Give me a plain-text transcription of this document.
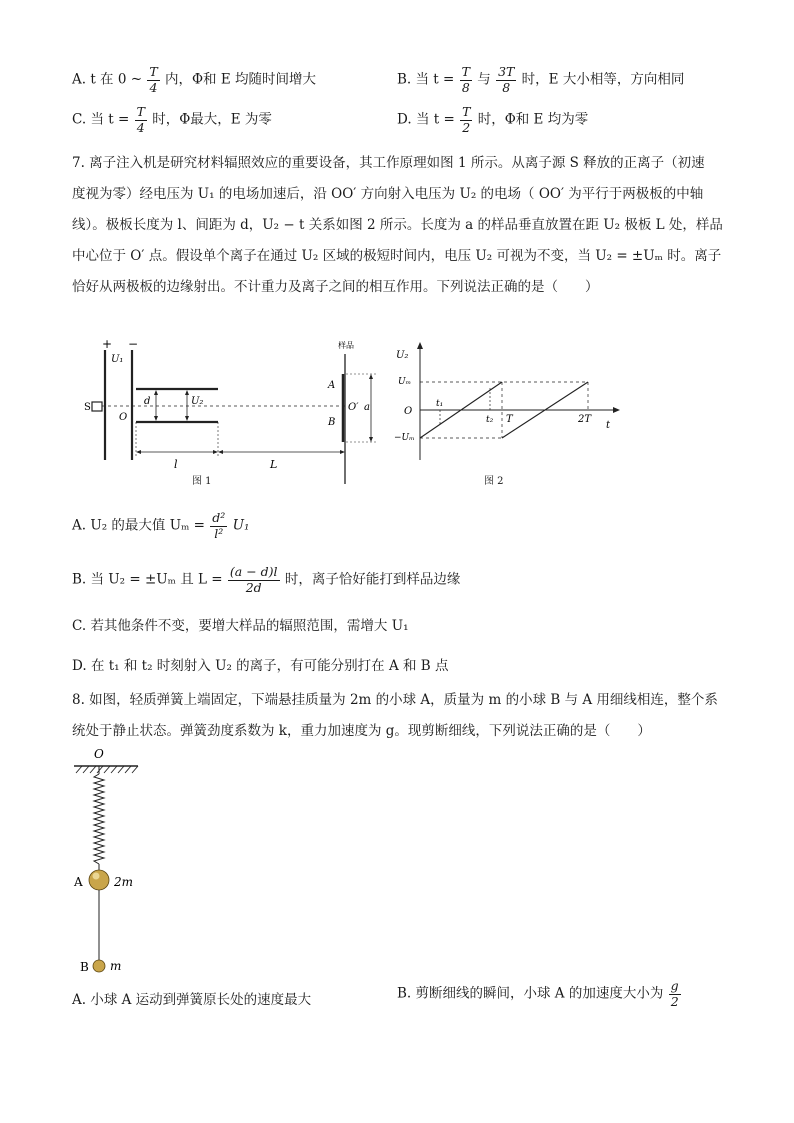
A. t 在 0 ~ $\frac{T}{4}$ 内，Φ和 E 均随时间增大	B. 当 $t = \frac{T}{8}$ 与 $\frac{3T}{8}$ 时，E 大小相等，方向相同
C. 当 $t = \frac{T}{4}$ 时，Φ最大，E 为零	D. 当 $t = \frac{T}{2}$ 时，Φ和 E 均为零
7. 离子注入机是研究材料辐照效应的重要设备，其工作原理如图 1 所示。从离子源 S 释放的正离子（初速
度视为零）经电压为 U₁ 的电场加速后，沿 OO′ 方向射入电压为 U₂ 的电场（ OO′ 为平行于两极板的中轴
线）。极板长度为 l、间距为 d，U₂ − t 关系如图 2 所示。长度为 a 的样品垂直放置在距 U₂ 极板 L 处，样品
中心位于 O′ 点。假设单个离子在通过 U₂ 区域的极短时间内，电压 U₂ 可视为不变，当 U₂ = ±Uₘ 时。离子
恰好从两极板的边缘射出。不计重力及离子之间的相互作用。下列说法正确的是（　　）
+ −
U₁
S
O
d	U₂
样品
A
B
O′ a
l	L
图 1
U₂
Uₘ
O
−Uₘ
t₁
t₂ T	2T
t
图 2
A. U₂ 的最大值 $U_m = \frac{\text{d²}}{\text{l²}} U_1$
B. 当 U₂ = ±Uₘ 且 $L = \frac{(a - d)l}{2d}$ 时，离子恰好能打到样品边缘
C. 若其他条件不变，要增大样品的辐照范围，需增大 U₁
D. 在 t₁ 和 t₂ 时刻射入 U₂ 的离子，有可能分别打在 A 和 B 点
8. 如图，轻质弹簧上端固定，下端悬挂质量为 2m 的小球 A，质量为 m 的小球 B 与 A 用细线相连，整个系
统处于静止状态。弹簧劲度系数为 k，重力加速度为 g。现剪断细线，下列说法正确的是（　　）
O
A	2m
B m
A. 小球 A 运动到弹簧原长处的速度最大	B. 剪断细线的瞬间，小球 A 的加速度大小为 $\frac{g}{2}$
